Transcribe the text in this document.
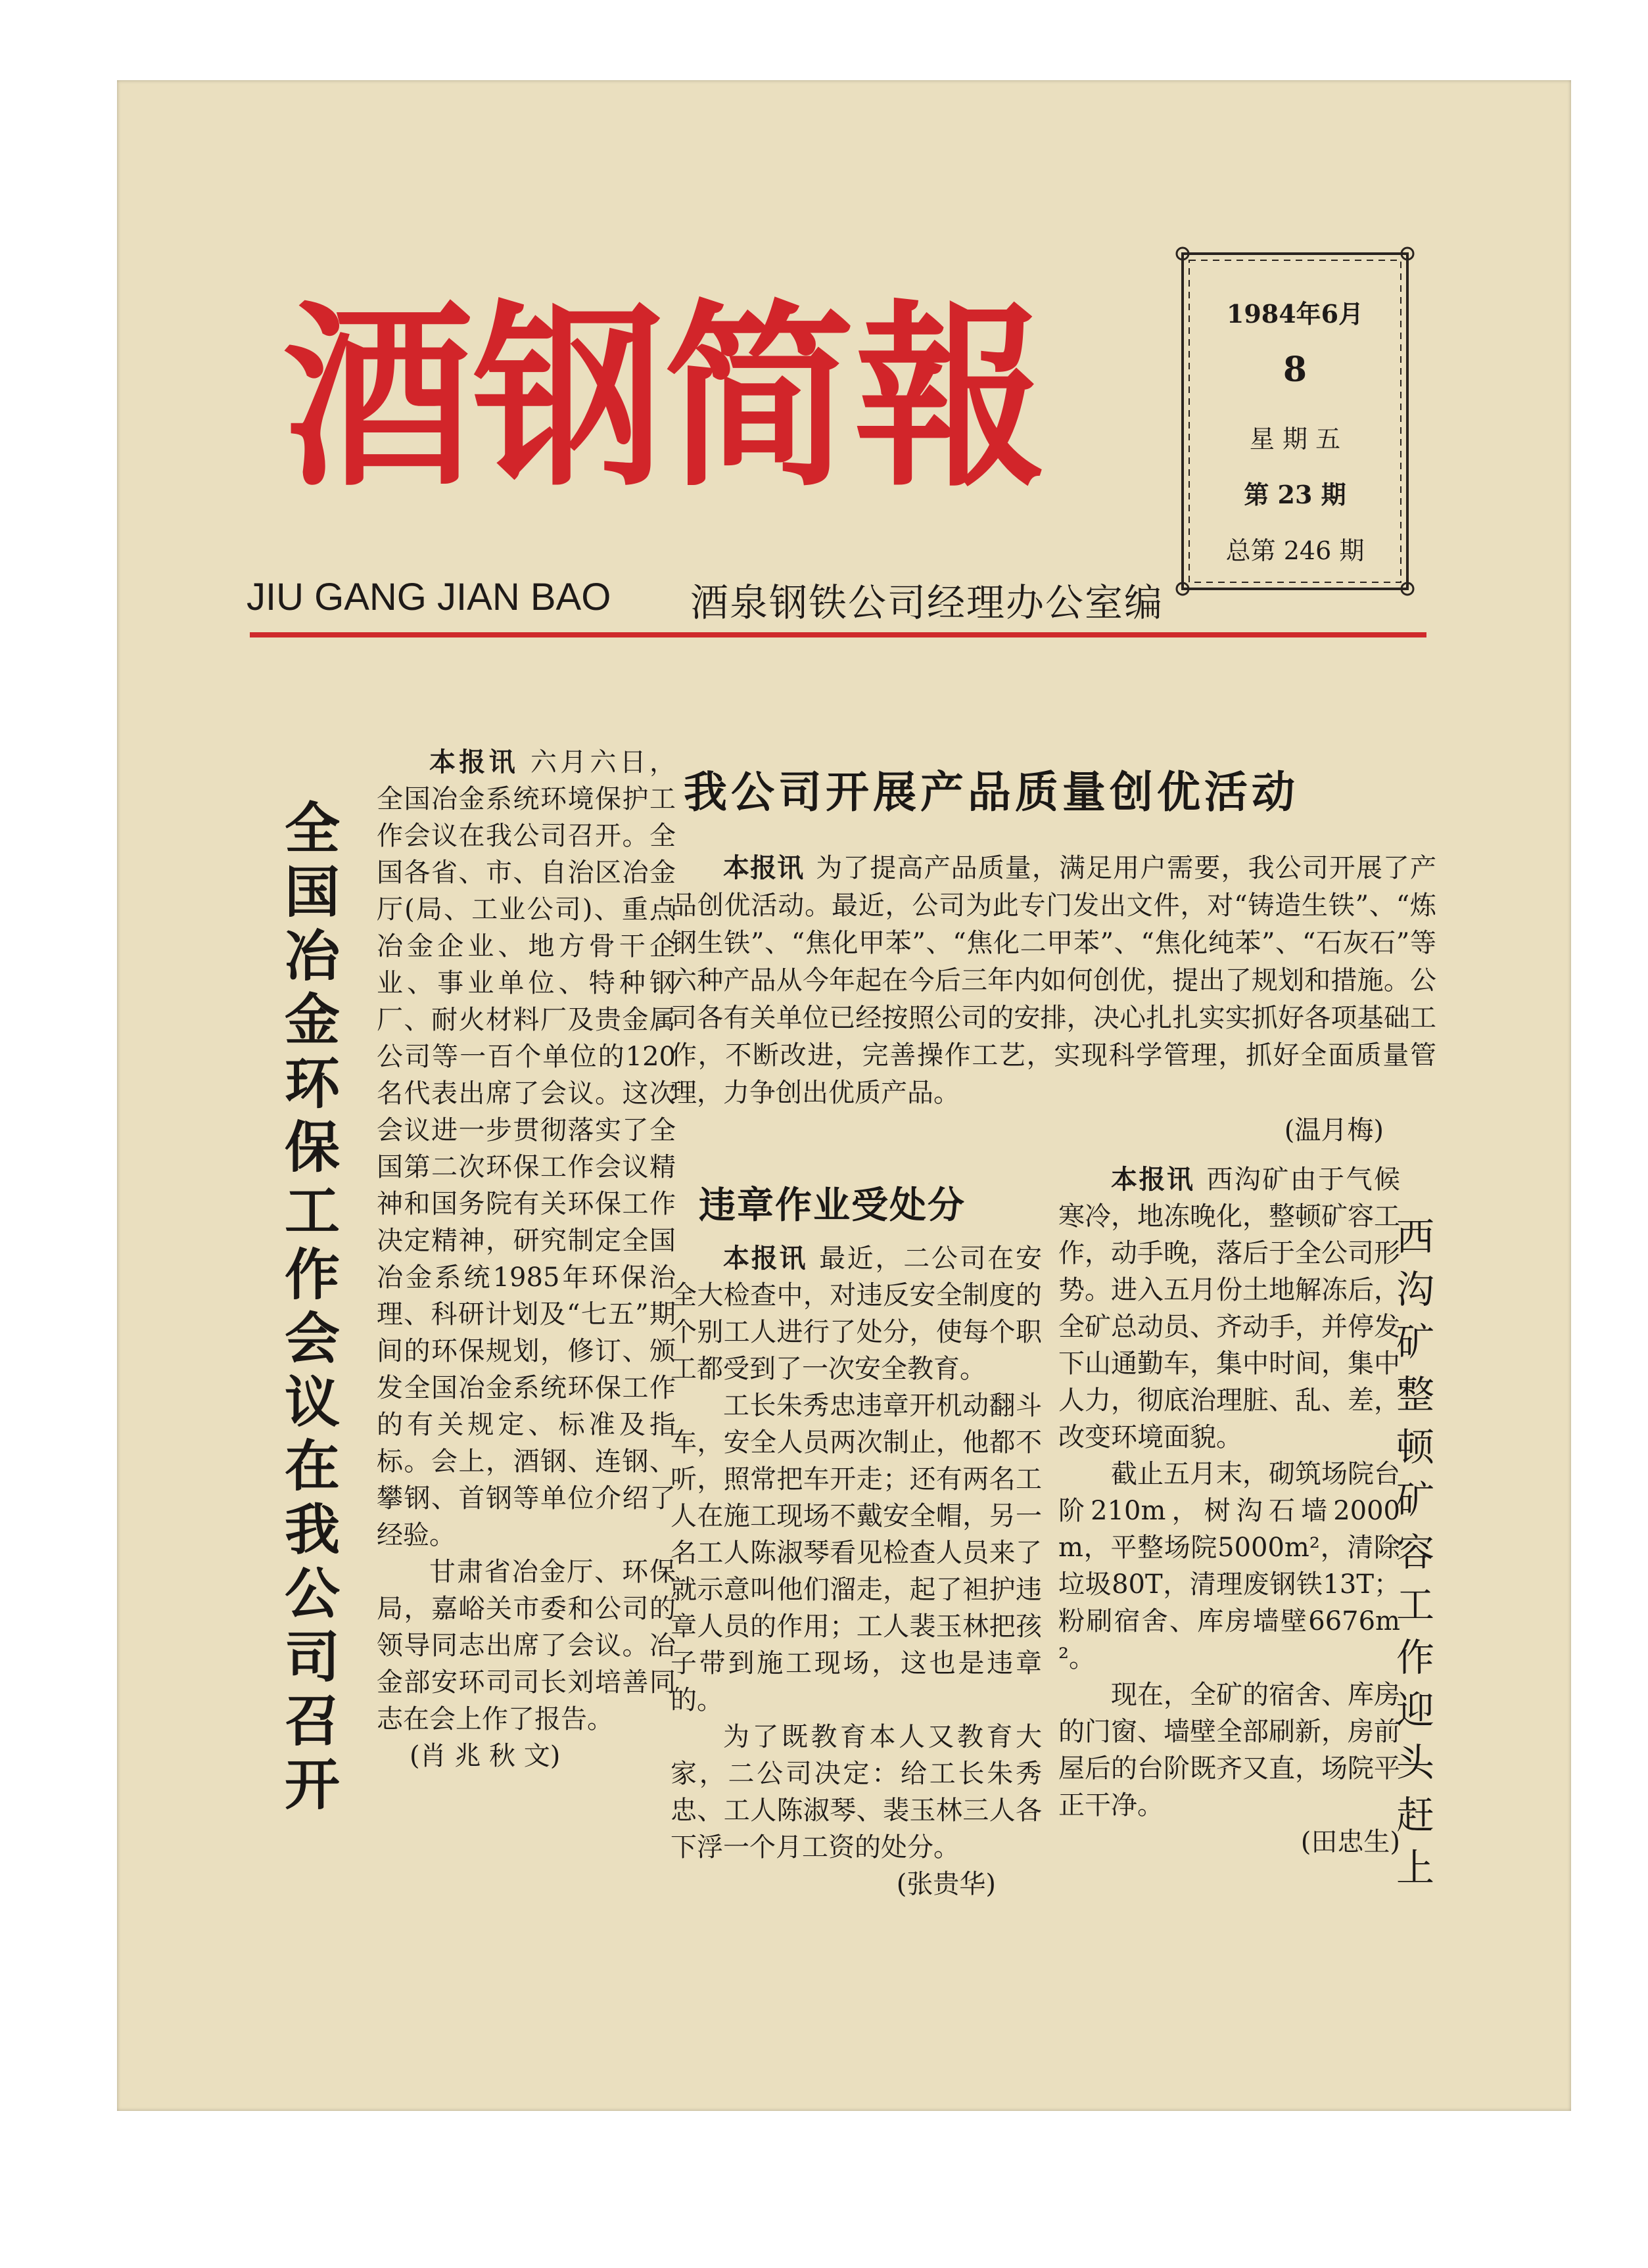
酒钢简報
JIU GANG JIAN BAO 酒泉钢铁公司经理办公室编
1984年6月
8
星 期 五
第 23 期
总第 246 期
全国冶金环保工作会议在我公司召开

本报讯 六月六日，全国冶金系统环境保护工作会议在我公司召开。全国各省、市、自治区冶金厅(局、工业公司)、重点冶金企业、地方骨干企业、事业单位、特种钢厂、耐火材料厂及贵金属公司等一百个单位的120名代表出席了会议。这次会议进一步贯彻落实了全国第二次环保工作会议精神和国务院有关环保工作决定精神，研究制定全国冶金系统1985年环保治理、科研计划及“七五”期间的环保规划，修订、颁发全国冶金系统环保工作的有关规定、标准及指标。会上，酒钢、连钢、攀钢、首钢等单位介绍了经验。

甘肃省冶金厅、环保局，嘉峪关市委和公司的领导同志出席了会议。冶金部安环司司长刘培善同志在会上作了报告。

(肖 兆 秋 文)

我公司开展产品质量创优活动

本报讯 为了提高产品质量，满足用户需要，我公司开展了产品创优活动。最近，公司为此专门发出文件，对“铸造生铁”、“炼钢生铁”、“焦化甲苯”、“焦化二甲苯”、“焦化纯苯”、“石灰石”等六种产品从今年起在今后三年内如何创优，提出了规划和措施。公司各有关单位已经按照公司的安排，决心扎扎实实抓好各项基础工作，不断改进，完善操作工艺，实现科学管理，抓好全面质量管理，力争创出优质产品。

(温月梅)

违章作业受处分

本报讯 最近，二公司在安全大检查中，对违反安全制度的个别工人进行了处分，使每个职工都受到了一次安全教育。

工长朱秀忠违章开机动翻斗车，安全人员两次制止，他都不听，照常把车开走；还有两名工人在施工现场不戴安全帽，另一名工人陈淑琴看见检查人员来了就示意叫他们溜走，起了袒护违章人员的作用；工人裴玉林把孩子带到施工现场，这也是违章的。

为了既教育本人又教育大家，二公司决定：给工长朱秀忠、工人陈淑琴、裴玉林三人各下浮一个月工资的处分。

(张贵华)

本报讯 西沟矿由于气候寒冷，地冻晚化，整顿矿容工作，动手晚，落后于全公司形势。进入五月份土地解冻后，全矿总动员、齐动手，并停发下山通勤车，集中时间，集中人力，彻底治理脏、乱、差，改变环境面貌。

截止五月末，砌筑场院台阶210m，树沟石墙2000m，平整场院5000m²，清除垃圾80T，清理废钢铁13T；粉刷宿舍、库房墙壁6676m²。

现在，全矿的宿舍、库房的门窗、墙壁全部刷新，房前屋后的台阶既齐又直，场院平正干净。

(田忠生)

西沟矿整顿矿容工作迎头赶上
